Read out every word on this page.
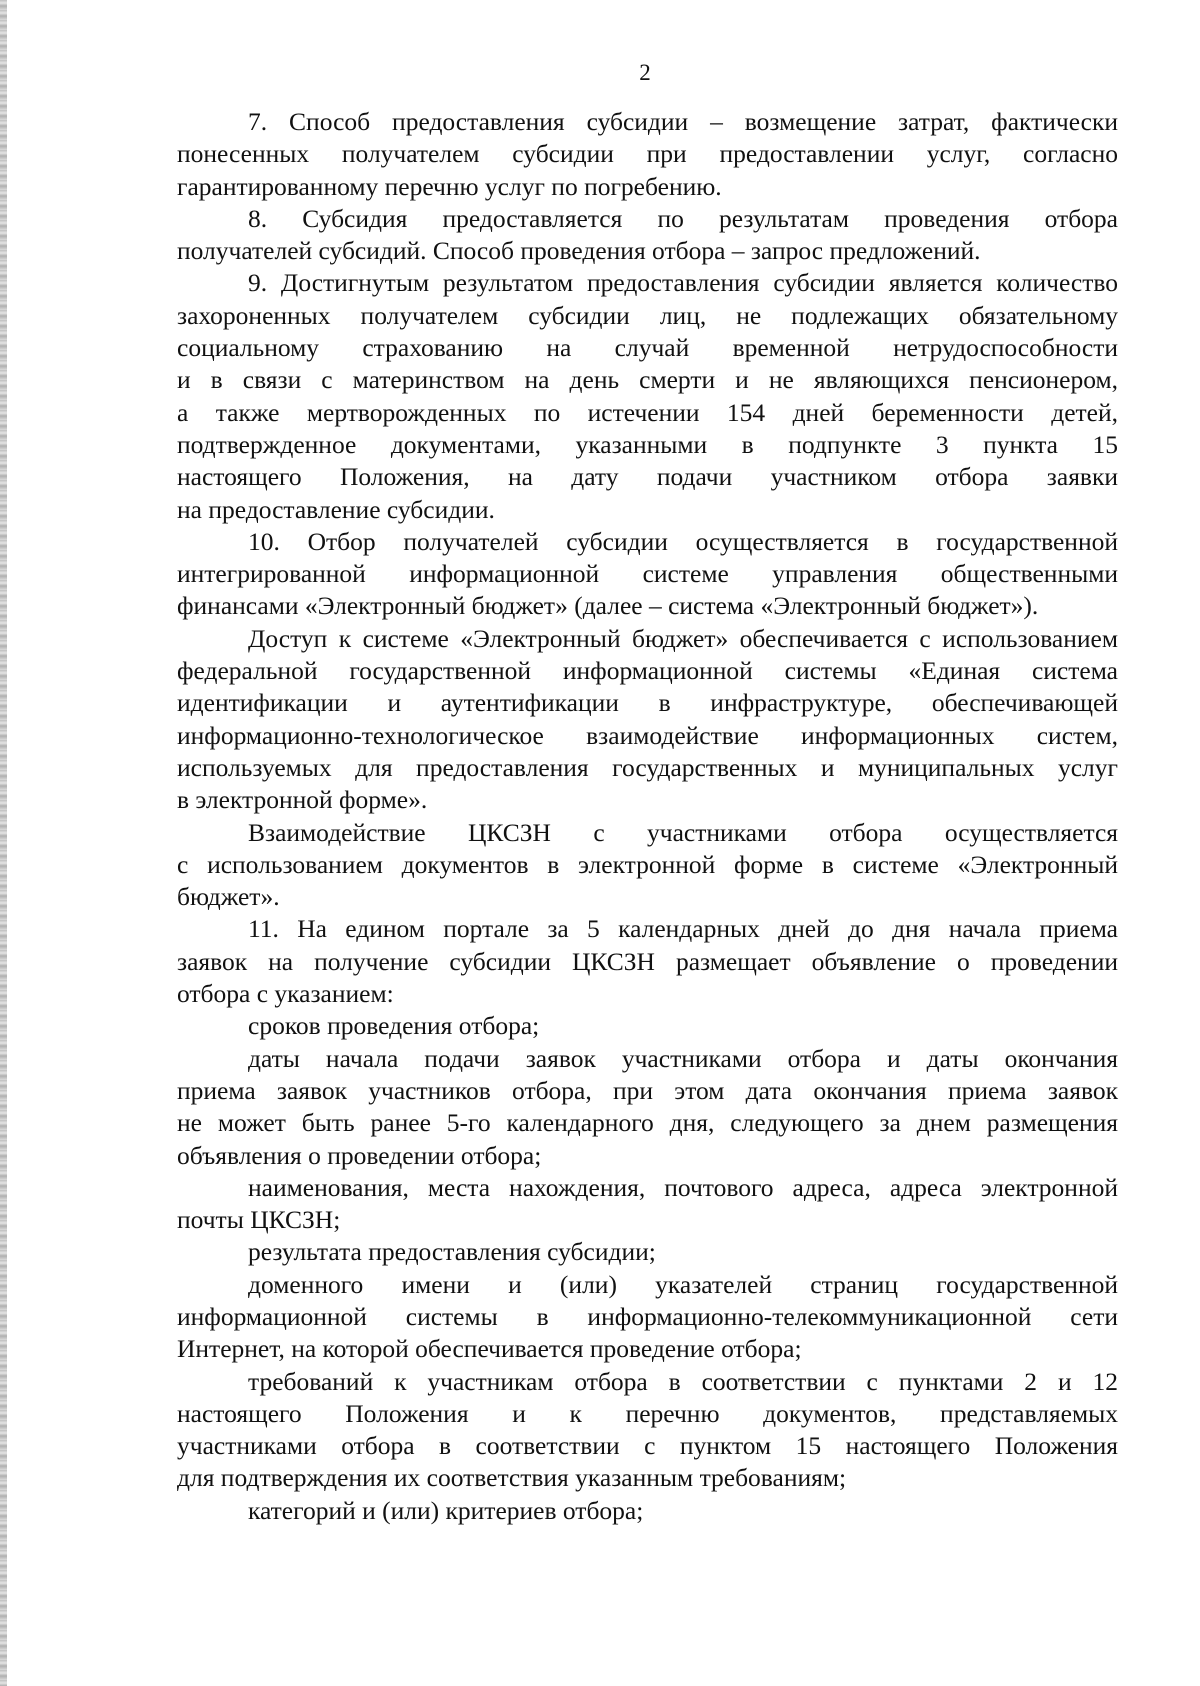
2

7. Способ предоставления субсидии – возмещение затрат, фактически
понесенных получателем субсидии при предоставлении услуг, согласно
гарантированному перечню услуг по погребению.

8. Субсидия предоставляется по результатам проведения отбора
получателей субсидий. Способ проведения отбора – запрос предложений.

9. Достигнутым результатом предоставления субсидии является количество
захороненных получателем субсидии лиц, не подлежащих обязательному
социальному страхованию на случай временной нетрудоспособности
и в связи с материнством на день смерти и не являющихся пенсионером,
а также мертворожденных по истечении 154 дней беременности детей,
подтвержденное документами, указанными в подпункте 3 пункта 15
настоящего Положения, на дату подачи участником отбора заявки
на предоставление субсидии.

10. Отбор получателей субсидии осуществляется в государственной
интегрированной информационной системе управления общественными
финансами «Электронный бюджет» (далее – система «Электронный бюджет»).

Доступ к системе «Электронный бюджет» обеспечивается с использованием
федеральной государственной информационной системы «Единая система
идентификации и аутентификации в инфраструктуре, обеспечивающей
информационно-технологическое взаимодействие информационных систем,
используемых для предоставления государственных и муниципальных услуг
в электронной форме».

Взаимодействие ЦКСЗН с участниками отбора осуществляется
с использованием документов в электронной форме в системе «Электронный
бюджет».

11. На едином портале за 5 календарных дней до дня начала приема
заявок на получение субсидии ЦКСЗН размещает объявление о проведении
отбора с указанием:

сроков проведения отбора;

даты начала подачи заявок участниками отбора и даты окончания
приема заявок участников отбора, при этом дата окончания приема заявок
не может быть ранее 5-го календарного дня, следующего за днем размещения
объявления о проведении отбора;

наименования, места нахождения, почтового адреса, адреса электронной
почты ЦКСЗН;

результата предоставления субсидии;

доменного имени и (или) указателей страниц государственной
информационной системы в информационно-телекоммуникационной сети
Интернет, на которой обеспечивается проведение отбора;

требований к участникам отбора в соответствии с пунктами 2 и 12
настоящего Положения и к перечню документов, представляемых
участниками отбора в соответствии с пунктом 15 настоящего Положения
для подтверждения их соответствия указанным требованиям;

категорий и (или) критериев отбора;
